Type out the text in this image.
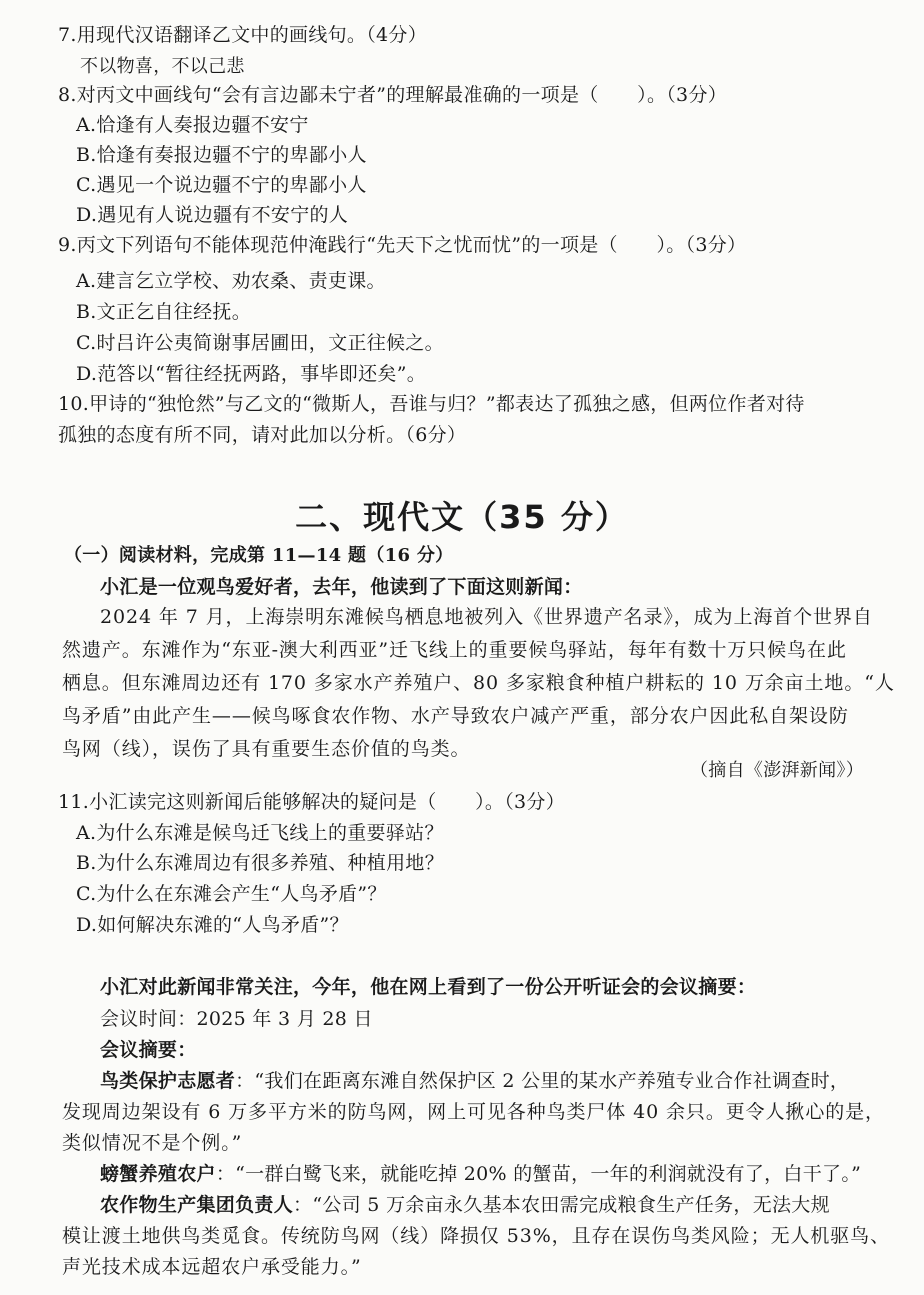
7.用现代汉语翻译乙文中的画线句。（4分）
不以物喜，不以己悲
8.对丙文中画线句“会有言边鄙未宁者”的理解最准确的一项是（　　）。（3分）
A.恰逢有人奏报边疆不安宁
B.恰逢有奏报边疆不宁的卑鄙小人
C.遇见一个说边疆不宁的卑鄙小人
D.遇见有人说边疆有不安宁的人
9.丙文下列语句不能体现范仲淹践行“先天下之忧而忧”的一项是（　　）。（3分）
A.建言乞立学校、劝农桑、责吏课。
B.文正乞自往经抚。
C.时吕许公夷简谢事居圃田，文正往候之。
D.范答以“暂往经抚两路，事毕即还矣”。
10.甲诗的“独怆然”与乙文的“微斯人，吾谁与归？”都表达了孤独之感，但两位作者对待
孤独的态度有所不同，请对此加以分析。（6分）
二、现代文（35 分）
（一）阅读材料，完成第 11—14 题（16 分）
小汇是一位观鸟爱好者，去年，他读到了下面这则新闻：
2024 年 7 月，上海崇明东滩候鸟栖息地被列入《世界遗产名录》，成为上海首个世界自
然遗产。东滩作为“东亚-澳大利西亚”迁飞线上的重要候鸟驿站，每年有数十万只候鸟在此
栖息。但东滩周边还有 170 多家水产养殖户、80 多家粮食种植户耕耘的 10 万余亩土地。“人
鸟矛盾”由此产生——候鸟啄食农作物、水产导致农户减产严重，部分农户因此私自架设防
鸟网（线），误伤了具有重要生态价值的鸟类。
（摘自《澎湃新闻》）
11.小汇读完这则新闻后能够解决的疑问是（　　）。（3分）
A.为什么东滩是候鸟迁飞线上的重要驿站？
B.为什么东滩周边有很多养殖、种植用地？
C.为什么在东滩会产生“人鸟矛盾”？
D.如何解决东滩的“人鸟矛盾”？
小汇对此新闻非常关注，今年，他在网上看到了一份公开听证会的会议摘要：
会议时间：2025 年 3 月 28 日
会议摘要：
鸟类保护志愿者：“我们在距离东滩自然保护区 2 公里的某水产养殖专业合作社调查时，
发现周边架设有 6 万多平方米的防鸟网，网上可见各种鸟类尸体 40 余只。更令人揪心的是，
类似情况不是个例。”
螃蟹养殖农户：“一群白鹭飞来，就能吃掉 20% 的蟹苗，一年的利润就没有了，白干了。”
农作物生产集团负责人：“公司 5 万余亩永久基本农田需完成粮食生产任务，无法大规
模让渡土地供鸟类觅食。传统防鸟网（线）降损仅 53%，且存在误伤鸟类风险；无人机驱鸟、
声光技术成本远超农户承受能力。”
